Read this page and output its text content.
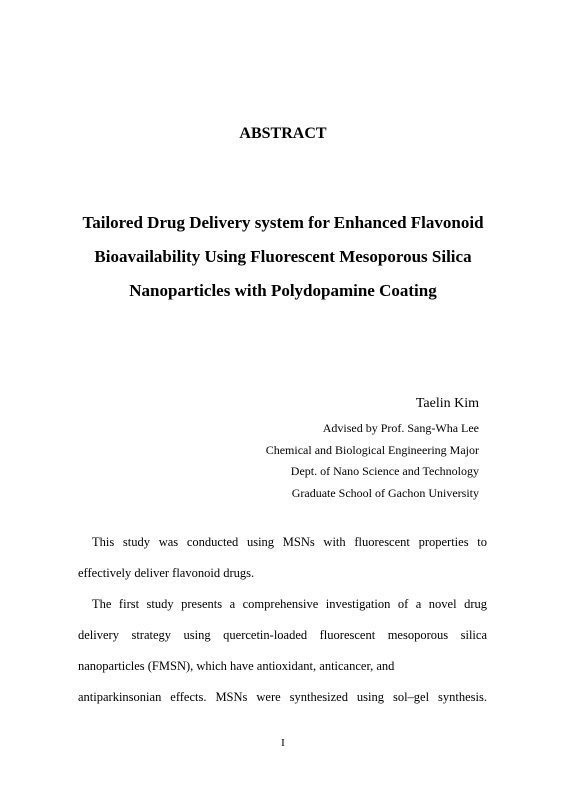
ABSTRACT
Tailored Drug Delivery system for Enhanced Flavonoid
Bioavailability Using Fluorescent Mesoporous Silica
Nanoparticles with Polydopamine Coating
Taelin Kim
Advised by Prof. Sang-Wha Lee
Chemical and Biological Engineering Major
Dept. of Nano Science and Technology
Graduate School of Gachon University

This study was conducted using MSNs with fluorescent properties to effectively deliver flavonoid drugs.

The first study presents a comprehensive investigation of a novel drug delivery strategy using quercetin-loaded fluorescent mesoporous silica nanoparticles (FMSN), which have antioxidant, anticancer, and

antiparkinsonian effects. MSNs were synthesized using sol–gel synthesis.
I
